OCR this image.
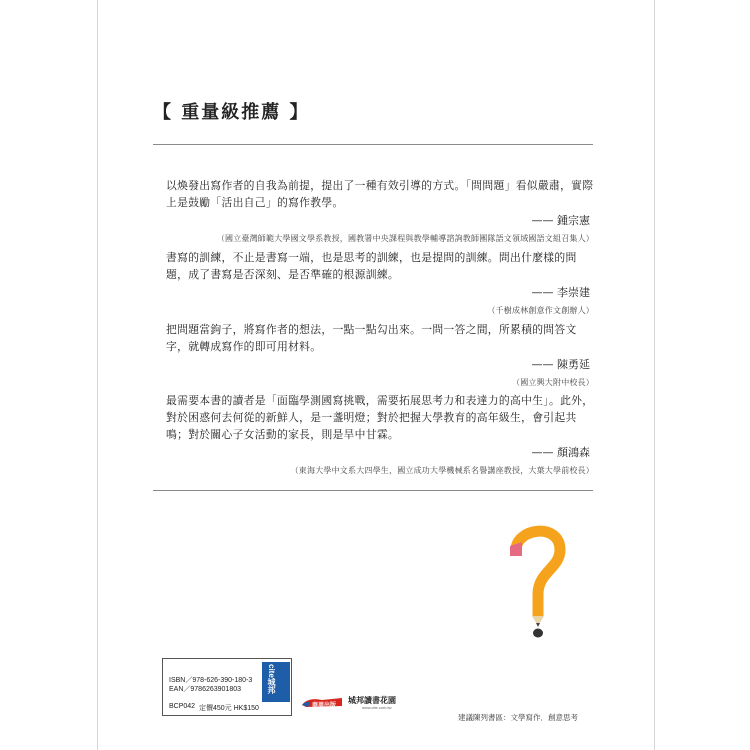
【 重量級推薦 】

以煥發出寫作者的自我為前提，提出了一種有效引導的方式。「問問題」看似嚴肅，實際上是鼓勵「活出自己」的寫作教學。

—— 鍾宗憲
（國立臺灣師範大學國文學系教授，國教署中央課程與教學輔導諮詢教師團隊語文領域國語文組召集人）

書寫的訓練，不止是書寫一端，也是思考的訓練，也是提問的訓練。問出什麼樣的問題，成了書寫是否深刻、是否準確的根源訓練。

—— 李崇建
（千樹成林創意作文創辦人）

把問題當鉤子，將寫作者的想法，一點一點勾出來。一問一答之間，所累積的問答文字，就轉成寫作的即可用材料。

—— 陳勇延
（國立興大附中校長）

最需要本書的讀者是「面臨學測國寫挑戰，需要拓展思考力和表達力的高中生」。此外，對於困惑何去何從的新鮮人，是一盞明燈；對於把握大學教育的高年級生，會引起共鳴；對於關心子女活動的家長，則是旱中甘霖。

—— 顏鴻森
（東海大學中文系大四學生，國立成功大學機械系名譽講座教授，大葉大學前校長）
ISBN／978-626-390-180-3
EAN／9786263901803
BCP042 定價450元 HK$150
cite城邦
商周出版
城邦讀書花園
www.cite.com.tw
建議陳列書區：文學寫作．創意思考
